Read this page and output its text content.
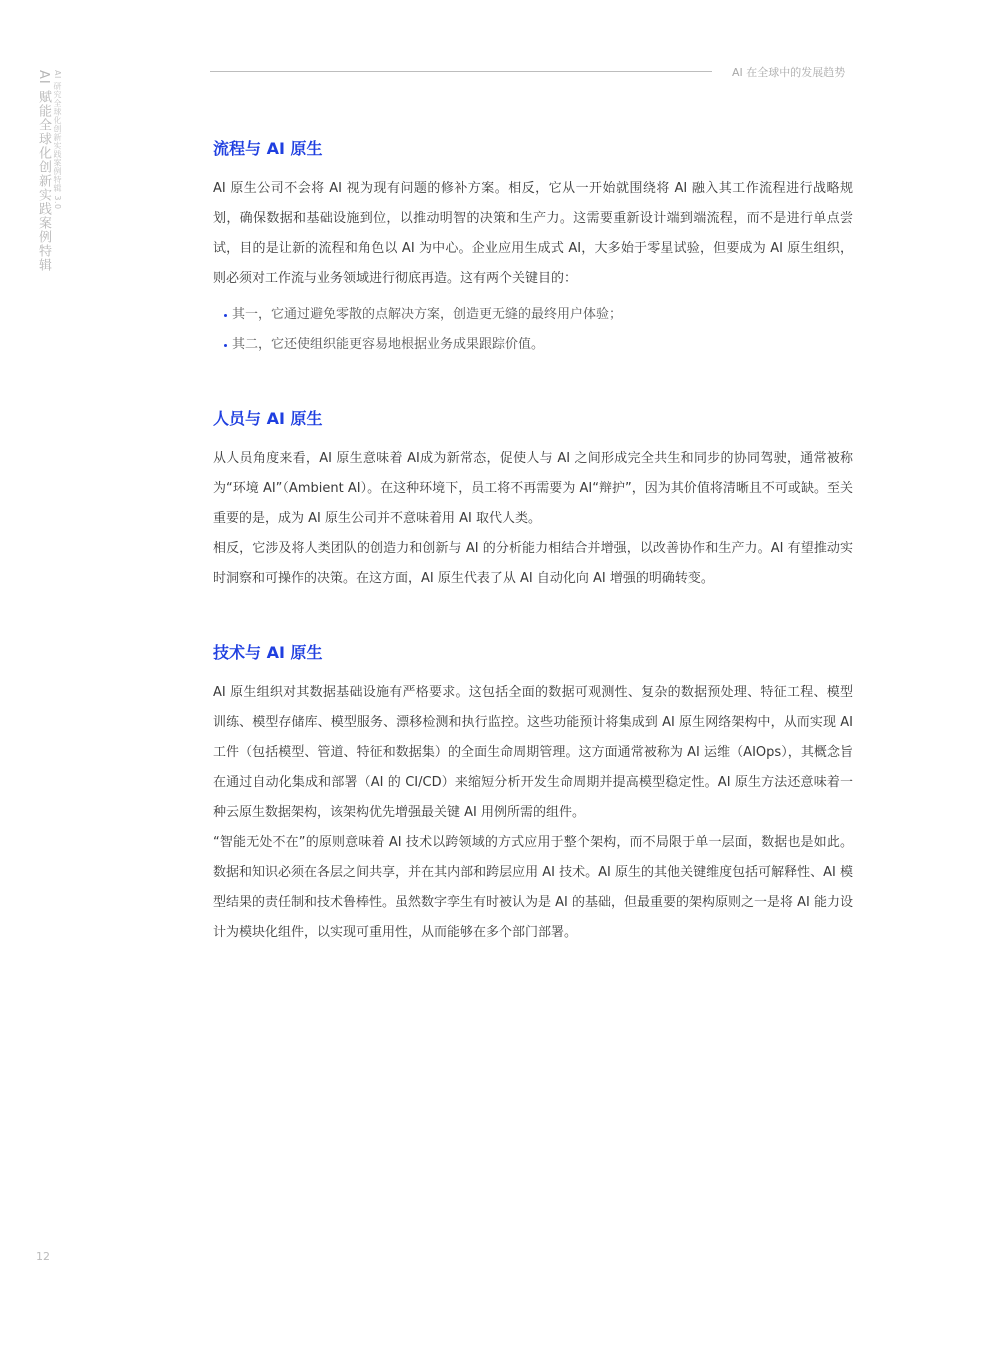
AI 赋能全球化创新实践案例特辑 AI 研究全球化创新实践案例特辑 3.0	AI 在全球中的发展趋势
流程与 AI 原生

AI 原生公司不会将 AI 视为现有问题的修补方案。相反，它从一开始就围绕将 AI 融入其工作流程进行战略规划，确保数据和基础设施到位，以推动明智的决策和生产力。这需要重新设计端到端流程，而不是进行单点尝试，目的是让新的流程和角色以 AI 为中心。企业应用生成式 AI，大多始于零星试验，但要成为 AI 原生组织，则必须对工作流与业务领域进行彻底再造。这有两个关键目的：

其一，它通过避免零散的点解决方案，创造更无缝的最终用户体验；
其二，它还使组织能更容易地根据业务成果跟踪价值。
人员与 AI 原生

从人员角度来看，AI 原生意味着 AI成为新常态，促使人与 AI 之间形成完全共生和同步的协同驾驶，通常被称为“环境 AI”（Ambient AI）。在这种环境下，员工将不再需要为 AI“辩护”，因为其价值将清晰且不可或缺。至关重要的是，成为 AI 原生公司并不意味着用 AI 取代人类。

相反，它涉及将人类团队的创造力和创新与 AI 的分析能力相结合并增强，以改善协作和生产力。AI 有望推动实时洞察和可操作的决策。在这方面，AI 原生代表了从 AI 自动化向 AI 增强的明确转变。

技术与 AI 原生

AI 原生组织对其数据基础设施有严格要求。这包括全面的数据可观测性、复杂的数据预处理、特征工程、模型训练、模型存储库、模型服务、漂移检测和执行监控。这些功能预计将集成到 AI 原生网络架构中，从而实现 AI 工件（包括模型、管道、特征和数据集）的全面生命周期管理。这方面通常被称为 AI 运维（AIOps），其概念旨在通过自动化集成和部署（AI 的 CI/CD）来缩短分析开发生命周期并提高模型稳定性。AI 原生方法还意味着一种云原生数据架构，该架构优先增强最关键 AI 用例所需的组件。

“智能无处不在”的原则意味着 AI 技术以跨领域的方式应用于整个架构，而不局限于单一层面，数据也是如此。数据和知识必须在各层之间共享，并在其内部和跨层应用 AI 技术。AI 原生的其他关键维度包括可解释性、AI 模型结果的责任制和技术鲁棒性。虽然数字孪生有时被认为是 AI 的基础，但最重要的架构原则之一是将 AI 能力设计为模块化组件，以实现可重用性，从而能够在多个部门部署。

12
